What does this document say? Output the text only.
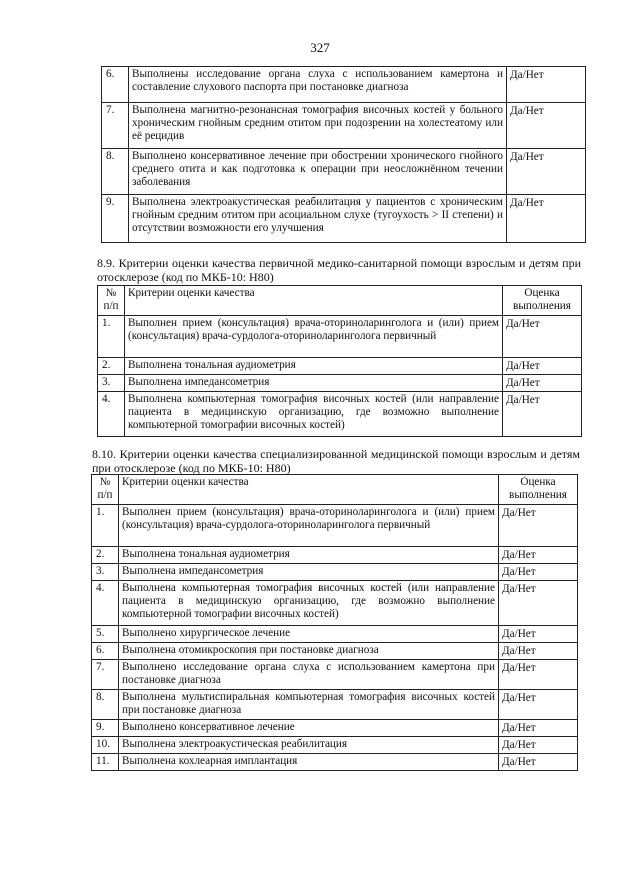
327
6.	Выполнены исследование органа слуха с использованием камертона и составление слухового паспорта при постановке диагноза	Да/Нет
7.	Выполнена магнитно-резонансная томография височных костей у больного хроническим гнойным средним отитом при подозрении на холестеатому или её рецидив	Да/Нет
8.	Выполнено консервативное лечение при обострении хронического гнойного среднего отита и как подготовка к операции при неосложнённом течении заболевания	Да/Нет
9.	Выполнена электроакустическая реабилитация у пациентов с хроническим гнойным средним отитом при асоциальном слухе (тугоухость > II степени) и отсутствии возможности его улучшения	Да/Нет
8.9. Критерии оценки качества первичной медико-санитарной помощи взрослым и детям при отосклерозе (код по МКБ-10: H80)
№ п/п	Критерии оценки качества	Оценка выполнения
1.	Выполнен прием (консультация) врача-оториноларинголога и (или) прием (консультация) врача-сурдолога-оториноларинголога первичный	Да/Нет
2.	Выполнена тональная аудиометрия	Да/Нет
3.	Выполнена импедансометрия	Да/Нет
4.	Выполнена компьютерная томография височных костей (или направление пациента в медицинскую организацию, где возможно выполнение компьютерной томографии височных костей)	Да/Нет
8.10. Критерии оценки качества специализированной медицинской помощи взрослым и детям при отосклерозе (код по МКБ-10: H80)
№ п/п	Критерии оценки качества	Оценка выполнения
1.	Выполнен прием (консультация) врача-оториноларинголога и (или) прием (консультация) врача-сурдолога-оториноларинголога первичный	Да/Нет
2.	Выполнена тональная аудиометрия	Да/Нет
3.	Выполнена импедансометрия	Да/Нет
4.	Выполнена компьютерная томография височных костей (или направление пациента в медицинскую организацию, где возможно выполнение компьютерной томографии височных костей)	Да/Нет
5.	Выполнено хирургическое лечение	Да/Нет
6.	Выполнена отомикроскопия при постановке диагноза	Да/Нет
7.	Выполнено исследование органа слуха с использованием камертона при постановке диагноза	Да/Нет
8.	Выполнена мультиспиральная компьютерная томография височных костей при постановке диагноза	Да/Нет
9.	Выполнено консервативное лечение	Да/Нет
10.	Выполнена электроакустическая реабилитация	Да/Нет
11.	Выполнена кохлеарная имплантация	Да/Нет
